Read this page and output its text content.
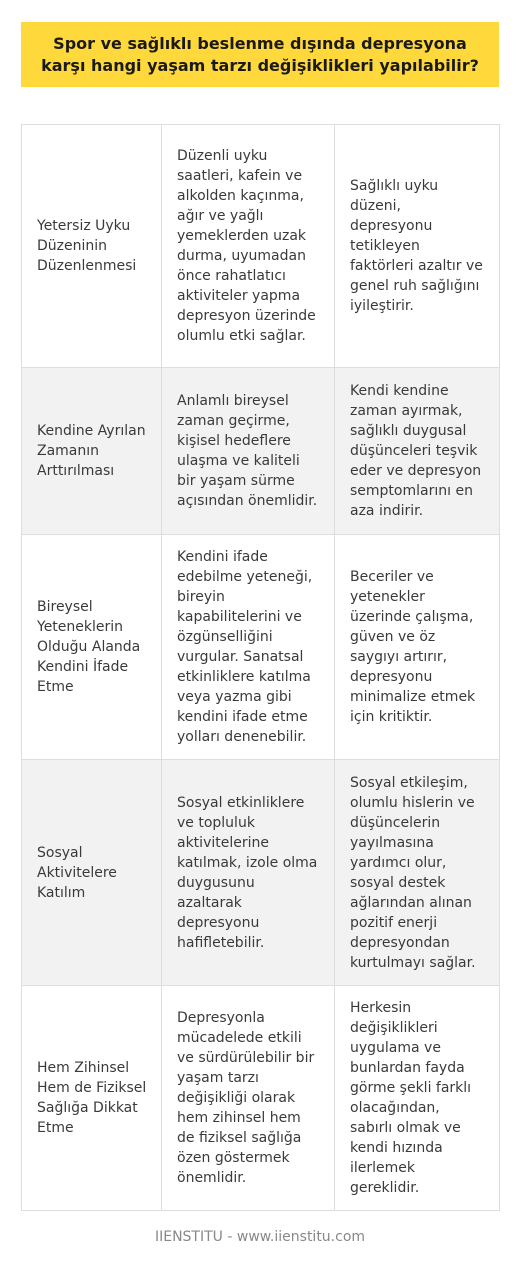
Spor ve sağlıklı beslenme dışında depresyona karşı hangi yaşam tarzı değişiklikleri yapılabilir?
Yetersiz Uyku Düzeninin Düzenlenmesi	Düzenli uyku saatleri, kafein ve alkolden kaçınma, ağır ve yağlı yemeklerden uzak durma, uyumadan önce rahatlatıcı aktiviteler yapma depresyon üzerinde olumlu etki sağlar.	Sağlıklı uyku düzeni, depresyonu tetikleyen faktörleri azaltır ve genel ruh sağlığını iyileştirir.
Kendine Ayrılan Zamanın Arttırılması	Anlamlı bireysel zaman geçirme, kişisel hedeflere ulaşma ve kaliteli bir yaşam sürme açısından önemlidir.	Kendi kendine zaman ayırmak, sağlıklı duygusal düşünceleri teşvik eder ve depresyon semptomlarını en aza indirir.
Bireysel Yeteneklerin Olduğu Alanda Kendini İfade Etme	Kendini ifade edebilme yeteneği, bireyin kapabilitelerini ve özgünselliğini vurgular. Sanatsal etkinliklere katılma veya yazma gibi kendini ifade etme yolları denenebilir.	Beceriler ve yetenekler üzerinde çalışma, güven ve öz saygıyı artırır, depresyonu minimalize etmek için kritiktir.
Sosyal Aktivitelere Katılım	Sosyal etkinliklere ve topluluk aktivitelerine katılmak, izole olma duygusunu azaltarak depresyonu hafifletebilir.	Sosyal etkileşim, olumlu hislerin ve düşüncelerin yayılmasına yardımcı olur, sosyal destek ağlarından alınan pozitif enerji depresyondan kurtulmayı sağlar.
Hem Zihinsel Hem de Fiziksel Sağlığa Dikkat Etme	Depresyonla mücadelede etkili ve sürdürülebilir bir yaşam tarzı değişikliği olarak hem zihinsel hem de fiziksel sağlığa özen göstermek önemlidir.	Herkesin değişiklikleri uygulama ve bunlardan fayda görme şekli farklı olacağından, sabırlı olmak ve kendi hızında ilerlemek gereklidir.
IIENSTITU - www.iienstitu.com
